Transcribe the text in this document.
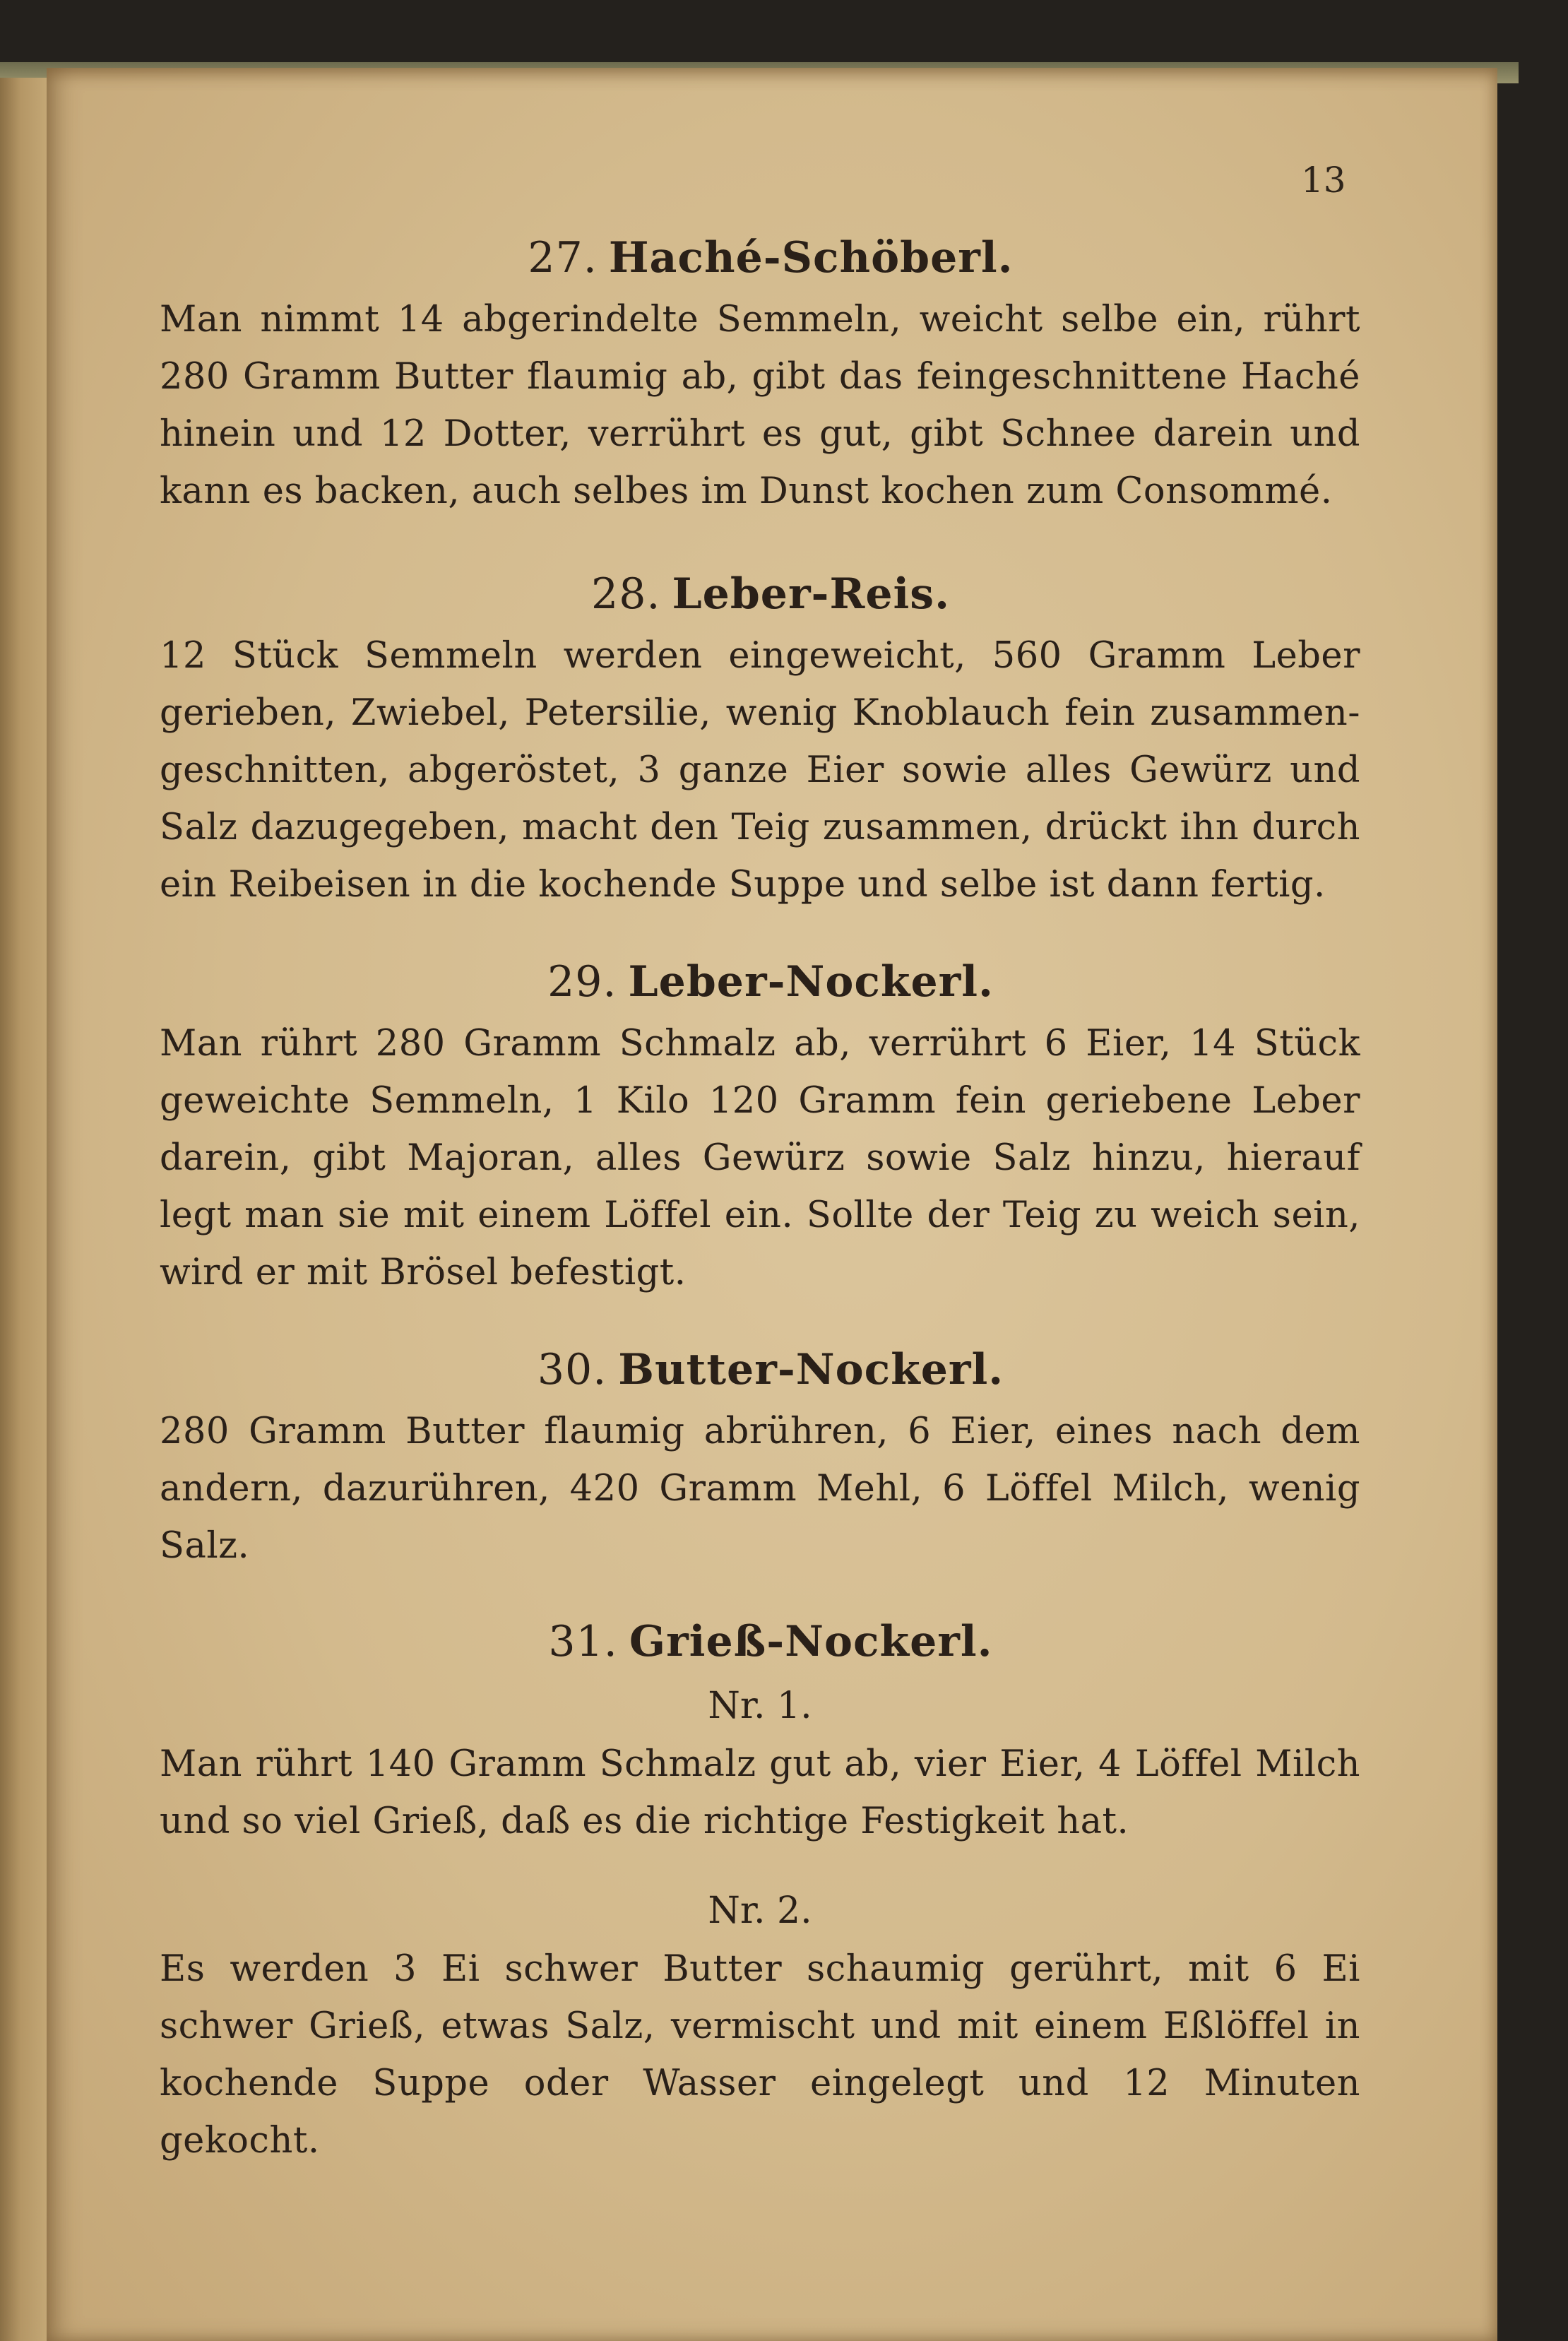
13
27. Haché-Schöberl.

Man nimmt 14 abgerindelte Semmeln, weicht selbe ein, rührt 280 Gramm Butter flaumig ab, gibt das feingeschnittene Haché hinein und 12 Dotter, verrührt es gut, gibt Schnee darein und kann es backen, auch selbes im Dunst kochen zum Consommé.

28. Leber-Reis.

12 Stück Semmeln werden eingeweicht, 560 Gramm Leber gerieben, Zwiebel, Petersilie, wenig Knoblauch fein zusammen-geschnitten, abgeröstet, 3 ganze Eier sowie alles Gewürz und Salz dazugegeben, macht den Teig zusammen, drückt ihn durch ein Reibeisen in die kochende Suppe und selbe ist dann fertig.

29. Leber-Nockerl.

Man rührt 280 Gramm Schmalz ab, verrührt 6 Eier, 14 Stück geweichte Semmeln, 1 Kilo 120 Gramm fein geriebene Leber darein, gibt Majoran, alles Gewürz sowie Salz hinzu, hierauf legt man sie mit einem Löffel ein. Sollte der Teig zu weich sein, wird er mit Brösel befestigt.

30. Butter-Nockerl.

280 Gramm Butter flaumig abrühren, 6 Eier, eines nach dem andern, dazurühren, 420 Gramm Mehl, 6 Löffel Milch, wenig Salz.

31. Grieß-Nockerl.

Nr. 1.

Man rührt 140 Gramm Schmalz gut ab, vier Eier, 4 Löffel Milch und so viel Grieß, daß es die richtige Festigkeit hat.

Nr. 2.

Es werden 3 Ei schwer Butter schaumig gerührt, mit 6 Ei schwer Grieß, etwas Salz, vermischt und mit einem Eßlöffel in kochende Suppe oder Wasser eingelegt und 12 Minuten gekocht.
